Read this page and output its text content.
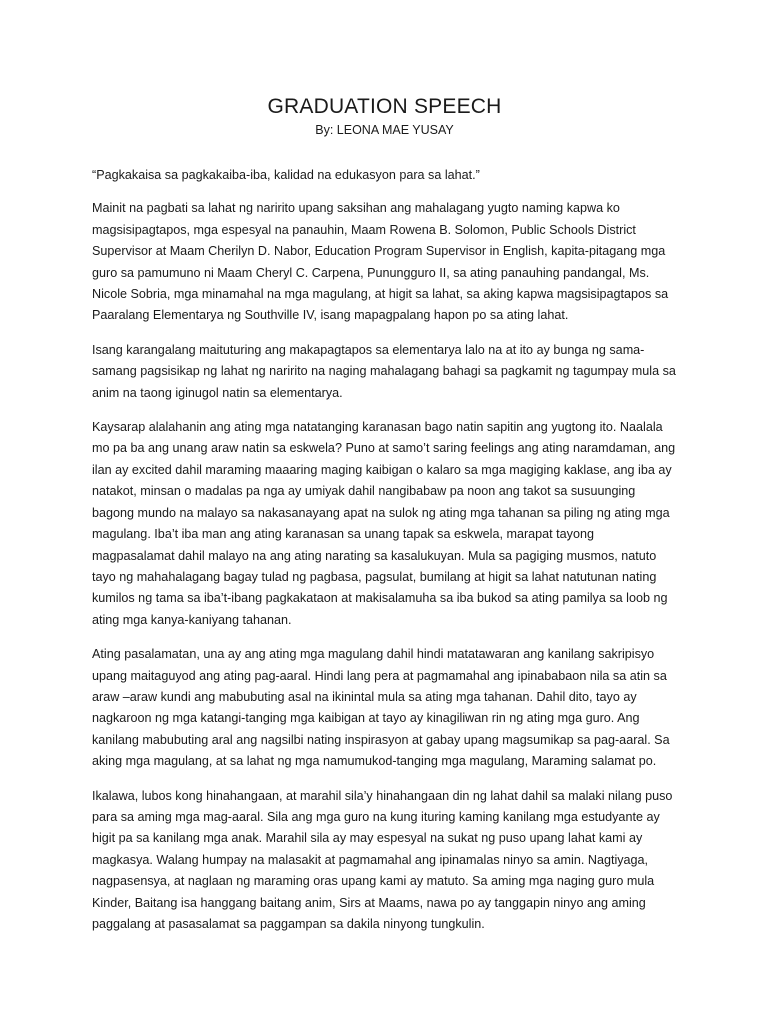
GRADUATION SPEECH
By: LEONA MAE YUSAY

“Pagkakaisa sa pagkakaiba-iba, kalidad na edukasyon para sa lahat.”

Mainit na pagbati sa lahat ng naririto upang saksihan ang mahalagang yugto naming kapwa ko magsisipagtapos, mga espesyal na panauhin, Maam Rowena B. Solomon, Public Schools District Supervisor at Maam Cherilyn D. Nabor, Education Program Supervisor in English, kapita-pitagang mga guro sa pamumuno ni Maam Cheryl C. Carpena, Punungguro II, sa ating panauhing pandangal, Ms. Nicole Sobria, mga minamahal na mga magulang, at higit sa lahat, sa aking kapwa magsisipagtapos sa Paaralang Elementarya ng Southville IV, isang mapagpalang hapon po sa ating lahat.

Isang karangalang maituturing ang makapagtapos sa elementarya lalo na at ito ay bunga ng sama-samang pagsisikap ng lahat ng naririto na naging mahalagang bahagi sa pagkamit ng tagumpay mula sa anim na taong iginugol natin sa elementarya.

Kaysarap alalahanin ang ating mga natatanging karanasan bago natin sapitin ang yugtong ito. Naalala mo pa ba ang unang araw natin sa eskwela? Puno at samo’t saring feelings ang ating naramdaman, ang ilan ay excited dahil maraming maaaring maging kaibigan o kalaro sa mga magiging kaklase, ang iba ay natakot, minsan o madalas pa nga ay umiyak dahil nangibabaw pa noon ang takot sa susuunging bagong mundo na malayo sa nakasanayang apat na sulok ng ating mga tahanan sa piling ng ating mga magulang. Iba’t iba man ang ating karanasan sa unang tapak sa eskwela, marapat tayong magpasalamat dahil malayo na ang ating narating sa kasalukuyan. Mula sa pagiging musmos, natuto tayo ng mahahalagang bagay tulad ng pagbasa, pagsulat, bumilang at higit sa lahat natutunan nating kumilos ng tama sa iba’t-ibang pagkakataon at makisalamuha sa iba bukod sa ating pamilya sa loob ng ating mga kanya-kaniyang tahanan.

Ating pasalamatan, una ay ang ating mga magulang dahil hindi matatawaran ang kanilang sakripisyo upang maitaguyod ang ating pag-aaral. Hindi lang pera at pagmamahal ang ipinababaon nila sa atin sa araw –araw kundi ang mabubuting asal na ikinintal mula sa ating mga tahanan. Dahil dito, tayo ay nagkaroon ng mga katangi-tanging mga kaibigan at tayo ay kinagiliwan rin ng ating mga guro. Ang kanilang mabubuting aral ang nagsilbi nating inspirasyon at gabay upang magsumikap sa pag-aaral. Sa aking mga magulang, at sa lahat ng mga namumukod-tanging mga magulang, Maraming salamat po.

Ikalawa, lubos kong hinahangaan, at marahil sila’y hinahangaan din ng lahat dahil sa malaki nilang puso para sa aming mga mag-aaral. Sila ang mga guro na kung ituring kaming kanilang mga estudyante ay higit pa sa kanilang mga anak. Marahil sila ay may espesyal na sukat ng puso upang lahat kami ay magkasya. Walang humpay na malasakit at pagmamahal ang ipinamalas ninyo sa amin. Nagtiyaga, nagpasensya, at naglaan ng maraming oras upang kami ay matuto. Sa aming mga naging guro mula Kinder, Baitang isa hanggang baitang anim, Sirs at Maams, nawa po ay tanggapin ninyo ang aming paggalang at pasasalamat sa paggampan sa dakila ninyong tungkulin.
